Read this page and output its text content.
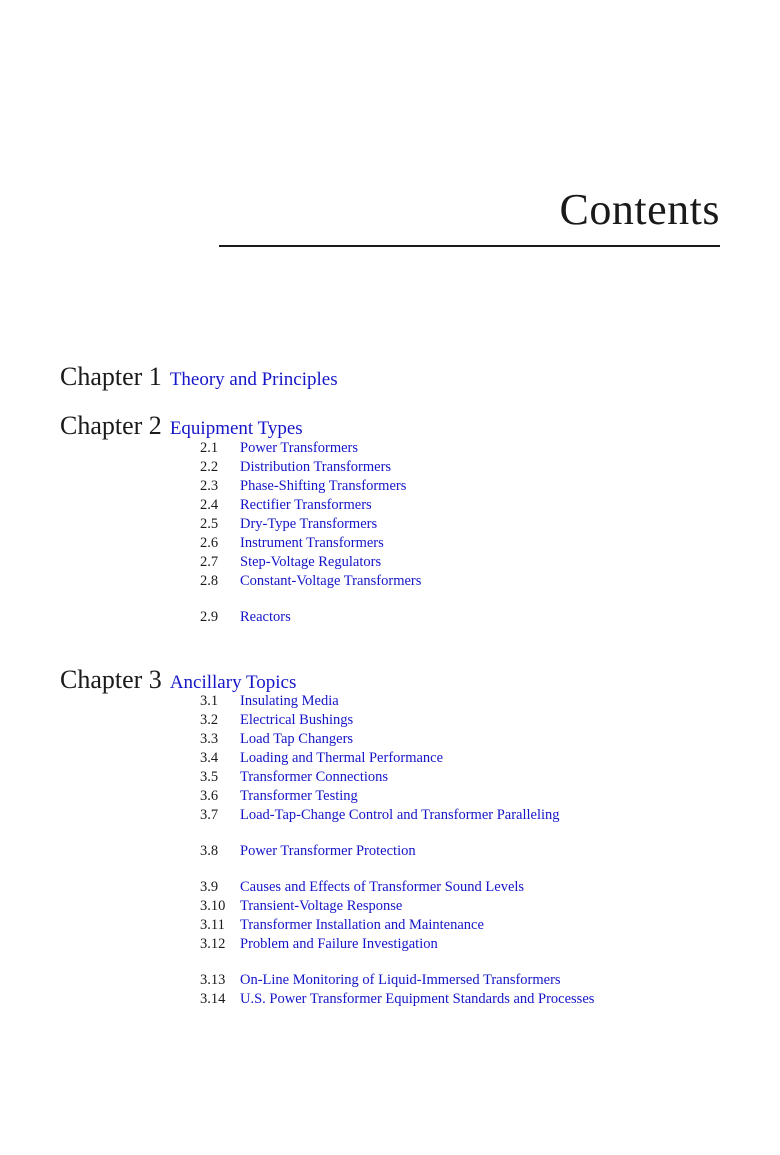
Contents
Chapter 1 Theory and Principles
Chapter 2 Equipment Types
2.1 Power Transformers
2.2 Distribution Transformers
2.3 Phase-Shifting Transformers
2.4 Rectifier Transformers
2.5 Dry-Type Transformers
2.6 Instrument Transformers
2.7 Step-Voltage Regulators
2.8 Constant-Voltage Transformers
2.9 Reactors
Chapter 3 Ancillary Topics
3.1 Insulating Media
3.2 Electrical Bushings
3.3 Load Tap Changers
3.4 Loading and Thermal Performance
3.5 Transformer Connections
3.6 Transformer Testing
3.7 Load-Tap-Change Control and Transformer Paralleling
3.8 Power Transformer Protection
3.9 Causes and Effects of Transformer Sound Levels
3.10 Transient-Voltage Response
3.11 Transformer Installation and Maintenance
3.12 Problem and Failure Investigation
3.13 On-Line Monitoring of Liquid-Immersed Transformers
3.14 U.S. Power Transformer Equipment Standards and Processes
